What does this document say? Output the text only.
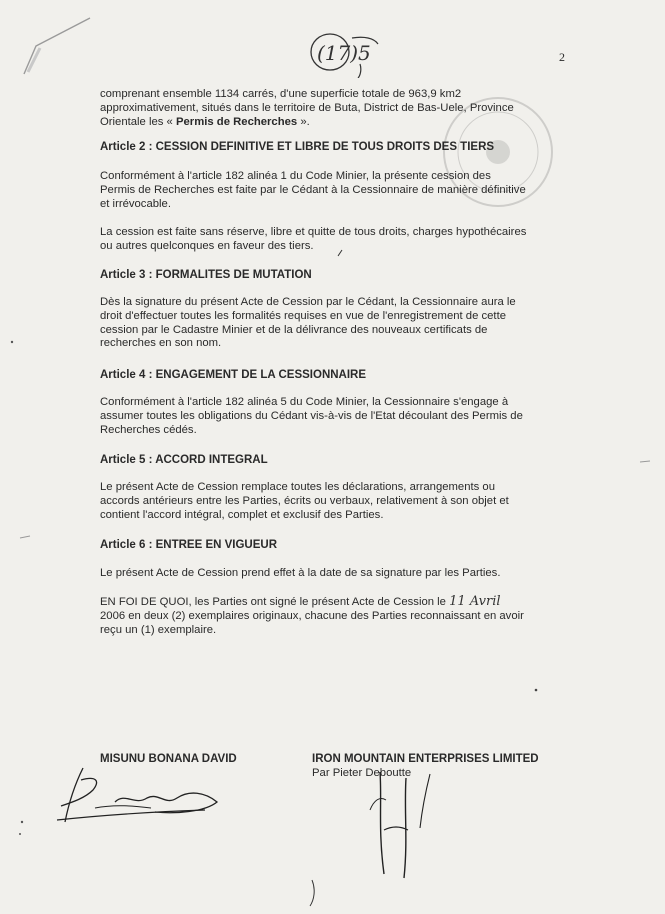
(17)5	2
comprenant ensemble 1134 carrés, d'une superficie totale de 963,9 km2
approximativement, situés dans le territoire de Buta, District de Bas-Uele, Province
Orientale les « Permis de Recherches ».
Article 2 : CESSION DEFINITIVE ET LIBRE DE TOUS DROITS DES TIERS
Conformément à l'article 182 alinéa 1 du Code Minier, la présente cession des
Permis de Recherches est faite par le Cédant à la Cessionnaire de manière définitive
et irrévocable.
La cession est faite sans réserve, libre et quitte de tous droits, charges hypothécaires
ou autres quelconques en faveur des tiers.
Article 3 : FORMALITES DE MUTATION
Dès la signature du présent Acte de Cession par le Cédant, la Cessionnaire aura le
droit d'effectuer toutes les formalités requises en vue de l'enregistrement de cette
cession par le Cadastre Minier et de la délivrance des nouveaux certificats de
recherches en son nom.
Article 4 : ENGAGEMENT DE LA CESSIONNAIRE
Conformément à l'article 182 alinéa 5 du Code Minier, la Cessionnaire s'engage à
assumer toutes les obligations du Cédant vis-à-vis de l'Etat découlant des Permis de
Recherches cédés.
Article 5 : ACCORD INTEGRAL
Le présent Acte de Cession remplace toutes les déclarations, arrangements ou
accords antérieurs entre les Parties, écrits ou verbaux, relativement à son objet et
contient l'accord intégral, complet et exclusif des Parties.
Article 6 : ENTREE EN VIGUEUR
Le présent Acte de Cession prend effet à la date de sa signature par les Parties.
EN FOI DE QUOI, les Parties ont signé le présent Acte de Cession le 11 Avril
2006 en deux (2) exemplaires originaux, chacune des Parties reconnaissant en avoir
reçu un (1) exemplaire.
MISUNU BONANA DAVID	IRON MOUNTAIN ENTERPRISES LIMITED
Par Pieter Deboutte
